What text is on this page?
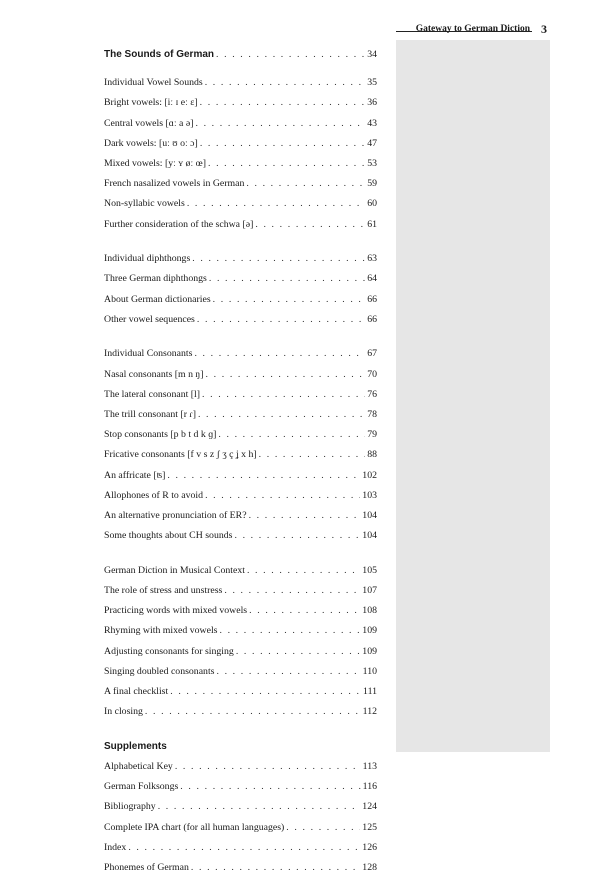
Gateway to German Diction 3
The Sounds of German . . .	34
Individual Vowel Sounds . . .	35
Bright vowels: [iː ɪ eː ɛ] . . .	36
Central vowels [ɑː a ə] . . .	43
Dark vowels: [uː ʊ oː ɔ] . . .	47
Mixed vowels: [yː ʏ øː œ] . . .	53
French nasalized vowels in German . . .	59
Non-syllabic vowels . . .	60
Further consideration of the schwa [ə] . . .	61
Individual diphthongs . . .	63
Three German diphthongs . . .	64
About German dictionaries . . .	66
Other vowel sequences . . .	66
Individual Consonants . . .	67
Nasal consonants [m n ŋ] . . .	70
The lateral consonant [l] . . .	76
The trill consonant [r ɾ] . . .	78
Stop consonants [p b t d k ɡ] . . .	79
Fricative consonants [f v s z ʃ ʒ ç ʝ x h] . . .	88
An affricate [ʦ] . . .	102
Allophones of R to avoid . . .	103
An alternative pronunciation of ER? . . .	104
Some thoughts about CH sounds . . .	104
German Diction in Musical Context . . .	105
The role of stress and unstress . . .	107
Practicing words with mixed vowels . . .	108
Rhyming with mixed vowels . . .	109
Adjusting consonants for singing . . .	109
Singing doubled consonants . . .	110
A final checklist . . .	111
In closing . . .	112
Supplements
Alphabetical Key . . .	113
German Folksongs . . .	116
Bibliography . . .	124
Complete IPA chart (for all human languages) . . .	125
Index . . .	126
Phonemes of German . . .	128
